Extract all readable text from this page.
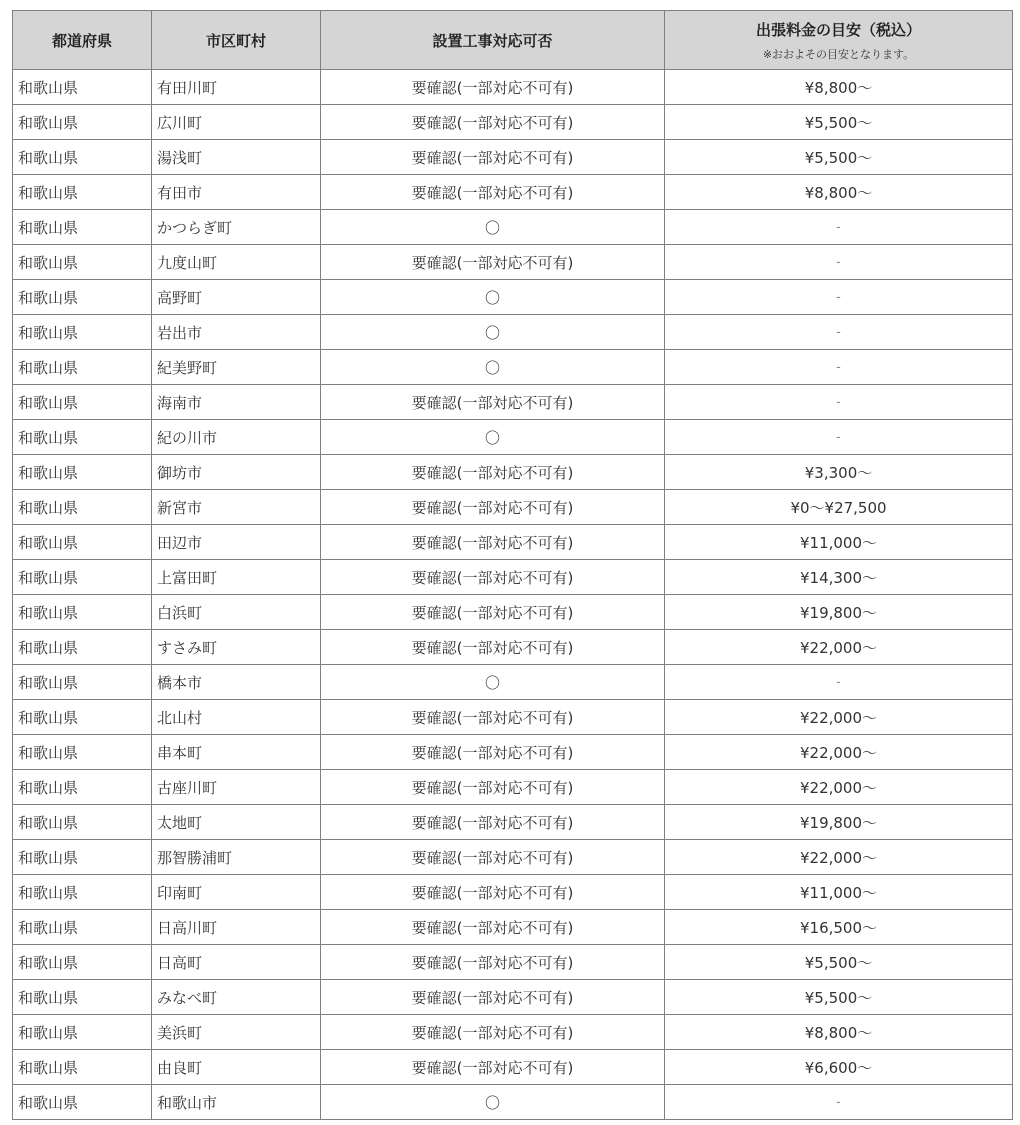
都道府県	市区町村	設置工事対応可否	出張料金の目安（税込）
※おおよその目安となります。

和歌山県	有田川町	要確認(一部対応不可有)	¥8,800～
和歌山県	広川町	要確認(一部対応不可有)	¥5,500～
和歌山県	湯浅町	要確認(一部対応不可有)	¥5,500～
和歌山県	有田市	要確認(一部対応不可有)	¥8,800～
和歌山県	かつらぎ町	〇	-
和歌山県	九度山町	要確認(一部対応不可有)	-
和歌山県	高野町	〇	-
和歌山県	岩出市	〇	-
和歌山県	紀美野町	〇	-
和歌山県	海南市	要確認(一部対応不可有)	-
和歌山県	紀の川市	〇	-
和歌山県	御坊市	要確認(一部対応不可有)	¥3,300～
和歌山県	新宮市	要確認(一部対応不可有)	¥0～¥27,500
和歌山県	田辺市	要確認(一部対応不可有)	¥11,000～
和歌山県	上富田町	要確認(一部対応不可有)	¥14,300～
和歌山県	白浜町	要確認(一部対応不可有)	¥19,800～
和歌山県	すさみ町	要確認(一部対応不可有)	¥22,000～
和歌山県	橋本市	〇	-
和歌山県	北山村	要確認(一部対応不可有)	¥22,000～
和歌山県	串本町	要確認(一部対応不可有)	¥22,000～
和歌山県	古座川町	要確認(一部対応不可有)	¥22,000～
和歌山県	太地町	要確認(一部対応不可有)	¥19,800～
和歌山県	那智勝浦町	要確認(一部対応不可有)	¥22,000～
和歌山県	印南町	要確認(一部対応不可有)	¥11,000～
和歌山県	日高川町	要確認(一部対応不可有)	¥16,500～
和歌山県	日高町	要確認(一部対応不可有)	¥5,500～
和歌山県	みなべ町	要確認(一部対応不可有)	¥5,500～
和歌山県	美浜町	要確認(一部対応不可有)	¥8,800～
和歌山県	由良町	要確認(一部対応不可有)	¥6,600～
和歌山県	和歌山市	〇	-
